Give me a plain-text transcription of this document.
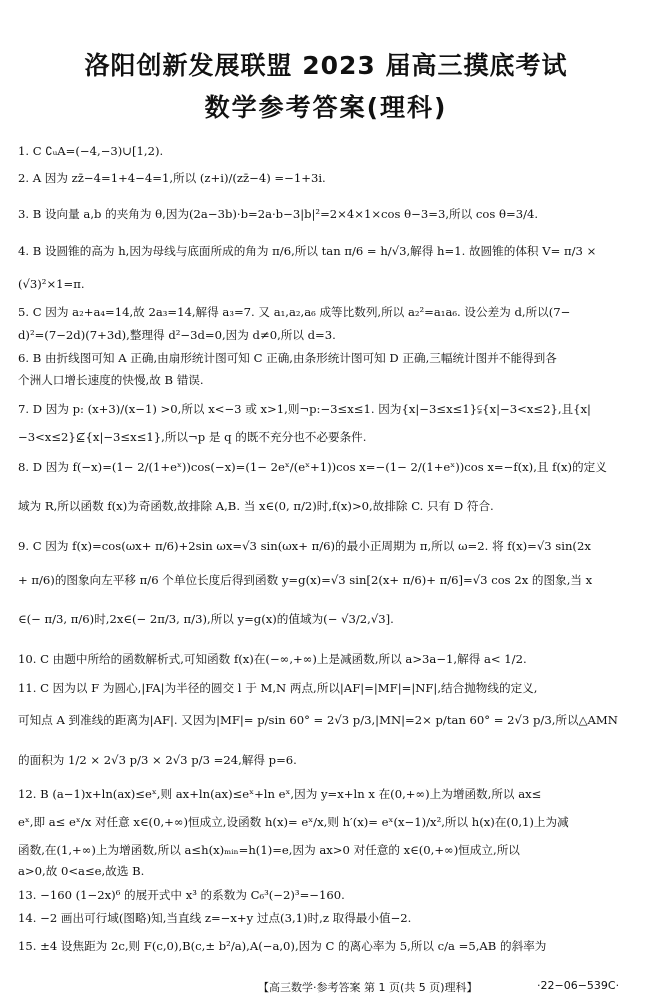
洛阳创新发展联盟 2023 届高三摸底考试
数学参考答案(理科)
1. C ∁ᵤA=(−4,−3)∪[1,2).
2. A 因为 zz̄−4=1+4−4=1,所以 (z+i)/(zz̄−4) =−1+3i.
3. B 设向量 a,b 的夹角为 θ,因为(2a−3b)·b=2a·b−3|b|²=2×4×1×cos θ−3=3,所以 cos θ=3/4.
4. B 设圆锥的高为 h,因为母线与底面所成的角为 π/6,所以 tan π/6 = h/√3,解得 h=1. 故圆锥的体积 V= π/3 ×
(√3)²×1=π.
5. C 因为 a₂+a₄=14,故 2a₃=14,解得 a₃=7. 又 a₁,a₂,a₆ 成等比数列,所以 a₂²=a₁a₆. 设公差为 d,所以(7−
d)²=(7−2d)(7+3d),整理得 d²−3d=0,因为 d≠0,所以 d=3.
6. B 由折线图可知 A 正确,由扇形统计图可知 C 正确,由条形统计图可知 D 正确,三幅统计图并不能得到各
个洲人口增长速度的快慢,故 B 错误.
7. D 因为 p: (x+3)/(x−1) >0,所以 x<−3 或 x>1,则¬p:−3≤x≤1. 因为{x|−3≤x≤1}⫋{x|−3<x≤2},且{x|
−3<x≤2}⊈{x|−3≤x≤1},所以¬p 是 q 的既不充分也不必要条件.
8. D 因为 f(−x)=(1− 2/(1+eˣ))cos(−x)=(1− 2eˣ/(eˣ+1))cos x=−(1− 2/(1+eˣ))cos x=−f(x),且 f(x)的定义
域为 R,所以函数 f(x)为奇函数,故排除 A,B. 当 x∈(0, π/2)时,f(x)>0,故排除 C. 只有 D 符合.
9. C 因为 f(x)=cos(ωx+ π/6)+2sin ωx=√3 sin(ωx+ π/6)的最小正周期为 π,所以 ω=2. 将 f(x)=√3 sin(2x
+ π/6)的图象向左平移 π/6 个单位长度后得到函数 y=g(x)=√3 sin[2(x+ π/6)+ π/6]=√3 cos 2x 的图象,当 x
∈(− π/3, π/6)时,2x∈(− 2π/3, π/3),所以 y=g(x)的值域为(− √3/2,√3].
10. C 由题中所给的函数解析式,可知函数 f(x)在(−∞,+∞)上是减函数,所以 a>3a−1,解得 a< 1/2.
11. C 因为以 F 为圆心,|FA|为半径的圆交 l 于 M,N 两点,所以|AF|=|MF|=|NF|,结合抛物线的定义,
可知点 A 到准线的距离为|AF|. 又因为|MF|= p/sin 60° = 2√3 p/3,|MN|=2× p/tan 60° = 2√3 p/3,所以△AMN
的面积为 1/2 × 2√3 p/3 × 2√3 p/3 =24,解得 p=6.
12. B (a−1)x+ln(ax)≤eˣ,则 ax+ln(ax)≤eˣ+ln eˣ,因为 y=x+ln x 在(0,+∞)上为增函数,所以 ax≤
eˣ,即 a≤ eˣ/x 对任意 x∈(0,+∞)恒成立,设函数 h(x)= eˣ/x,则 h′(x)= eˣ(x−1)/x²,所以 h(x)在(0,1)上为减
函数,在(1,+∞)上为增函数,所以 a≤h(x)ₘᵢₙ=h(1)=e,因为 ax>0 对任意的 x∈(0,+∞)恒成立,所以
a>0,故 0<a≤e,故选 B.
13. −160 (1−2x)⁶ 的展开式中 x³ 的系数为 C₆³(−2)³=−160.
14. −2 画出可行域(图略)知,当直线 z=−x+y 过点(3,1)时,z 取得最小值−2.
15. ±4 设焦距为 2c,则 F(c,0),B(c,± b²/a),A(−a,0),因为 C 的离心率为 5,所以 c/a =5,AB 的斜率为
【高三数学·参考答案 第 1 页(共 5 页)理科】	·22−06−539C·
